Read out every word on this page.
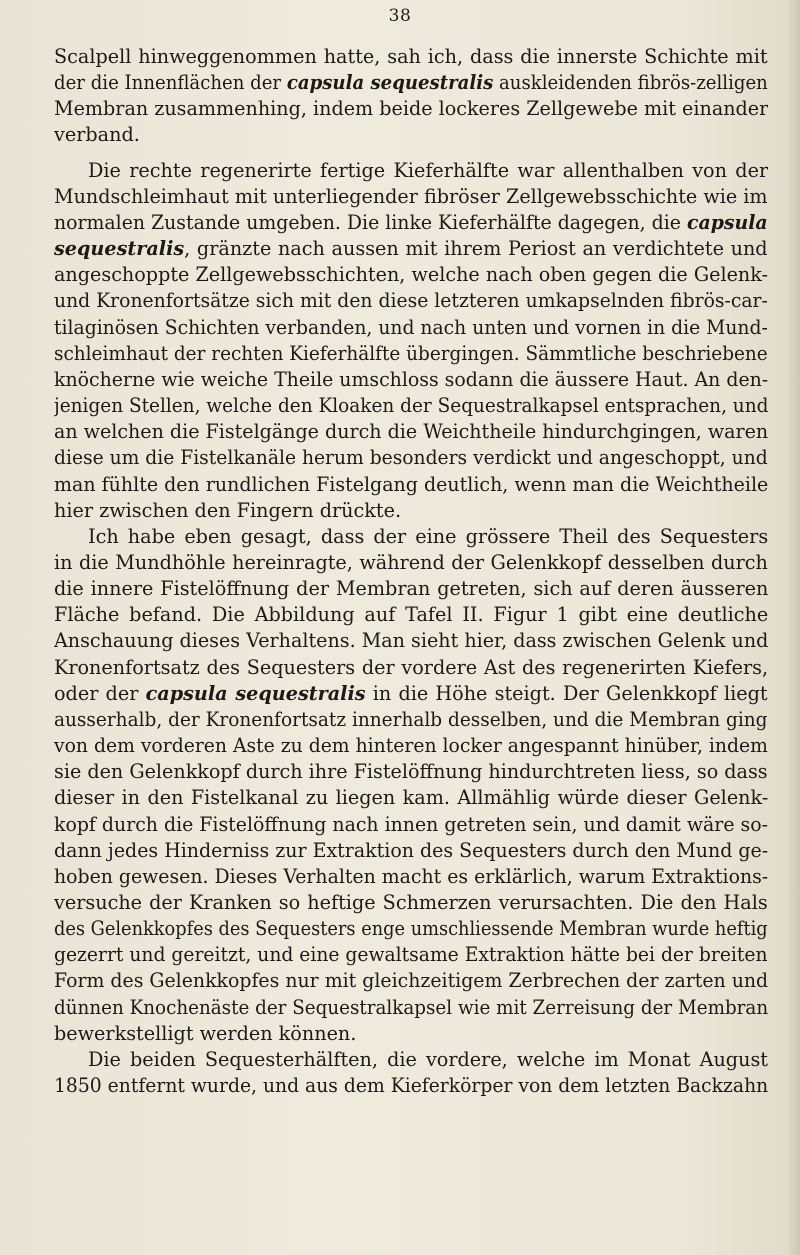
38
Scalpell hinweggenommen hatte, sah ich, dass die innerste Schichte mit
der die Innenflächen der capsula sequestralis auskleidenden fibrös-zelligen
Membran zusammenhing, indem beide lockeres Zellgewebe mit einander
verband.
Die rechte regenerirte fertige Kieferhälfte war allenthalben von der
Mundschleimhaut mit unterliegender fibröser Zellgewebsschichte wie im
normalen Zustande umgeben. Die linke Kieferhälfte dagegen, die capsula
sequestralis, gränzte nach aussen mit ihrem Periost an verdichtete und
angeschoppte Zellgewebsschichten, welche nach oben gegen die Gelenk-
und Kronenfortsätze sich mit den diese letzteren umkapselnden fibrös-car-
tilaginösen Schichten verbanden, und nach unten und vornen in die Mund-
schleimhaut der rechten Kieferhälfte übergingen. Sämmtliche beschriebene
knöcherne wie weiche Theile umschloss sodann die äussere Haut. An den-
jenigen Stellen, welche den Kloaken der Sequestralkapsel entsprachen, und
an welchen die Fistelgänge durch die Weichtheile hindurchgingen, waren
diese um die Fistelkanäle herum besonders verdickt und angeschoppt, und
man fühlte den rundlichen Fistelgang deutlich, wenn man die Weichtheile
hier zwischen den Fingern drückte.
Ich habe eben gesagt, dass der eine grössere Theil des Sequesters
in die Mundhöhle hereinragte, während der Gelenkkopf desselben durch
die innere Fistelöffnung der Membran getreten, sich auf deren äusseren
Fläche befand. Die Abbildung auf Tafel II. Figur 1 gibt eine deutliche
Anschauung dieses Verhaltens. Man sieht hier, dass zwischen Gelenk und
Kronenfortsatz des Sequesters der vordere Ast des regenerirten Kiefers,
oder der capsula sequestralis in die Höhe steigt. Der Gelenkkopf liegt
ausserhalb, der Kronenfortsatz innerhalb desselben, und die Membran ging
von dem vorderen Aste zu dem hinteren locker angespannt hinüber, indem
sie den Gelenkkopf durch ihre Fistelöffnung hindurchtreten liess, so dass
dieser in den Fistelkanal zu liegen kam. Allmählig würde dieser Gelenk-
kopf durch die Fistelöffnung nach innen getreten sein, und damit wäre so-
dann jedes Hinderniss zur Extraktion des Sequesters durch den Mund ge-
hoben gewesen. Dieses Verhalten macht es erklärlich, warum Extraktions-
versuche der Kranken so heftige Schmerzen verursachten. Die den Hals
des Gelenkkopfes des Sequesters enge umschliessende Membran wurde heftig
gezerrt und gereitzt, und eine gewaltsame Extraktion hätte bei der breiten
Form des Gelenkkopfes nur mit gleichzeitigem Zerbrechen der zarten und
dünnen Knochenäste der Sequestralkapsel wie mit Zerreisung der Membran
bewerkstelligt werden können.
Die beiden Sequesterhälften, die vordere, welche im Monat August
1850 entfernt wurde, und aus dem Kieferkörper von dem letzten Backzahn
